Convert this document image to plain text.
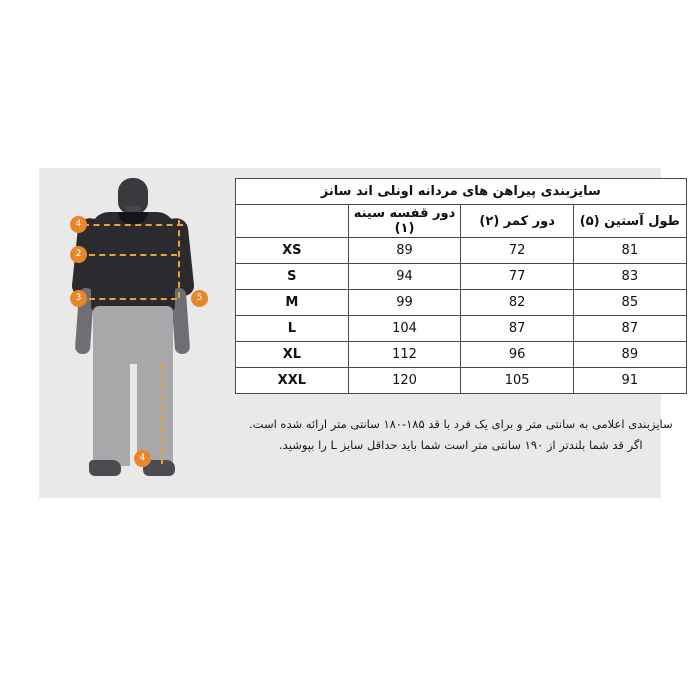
4
2
3	5
4
سایزبندی پیراهن های مردانه اونلی اند سانز			
طول آستین (۵)	دور کمر (۲)	دور قفسه سینه (۱)	
81	72	89	XS
83	77	94	S
85	82	99	M
87	87	104	L
89	96	112	XL
91	105	120	XXL
سایزبندی اعلامی به سانتی متر و برای یک فرد با قد ۱۸۵-۱۸۰ سانتی متر ارائه شده است.
اگر قد شما بلندتر از ۱۹۰ سانتی متر است شما باید حداقل سایز L را بپوشید.
